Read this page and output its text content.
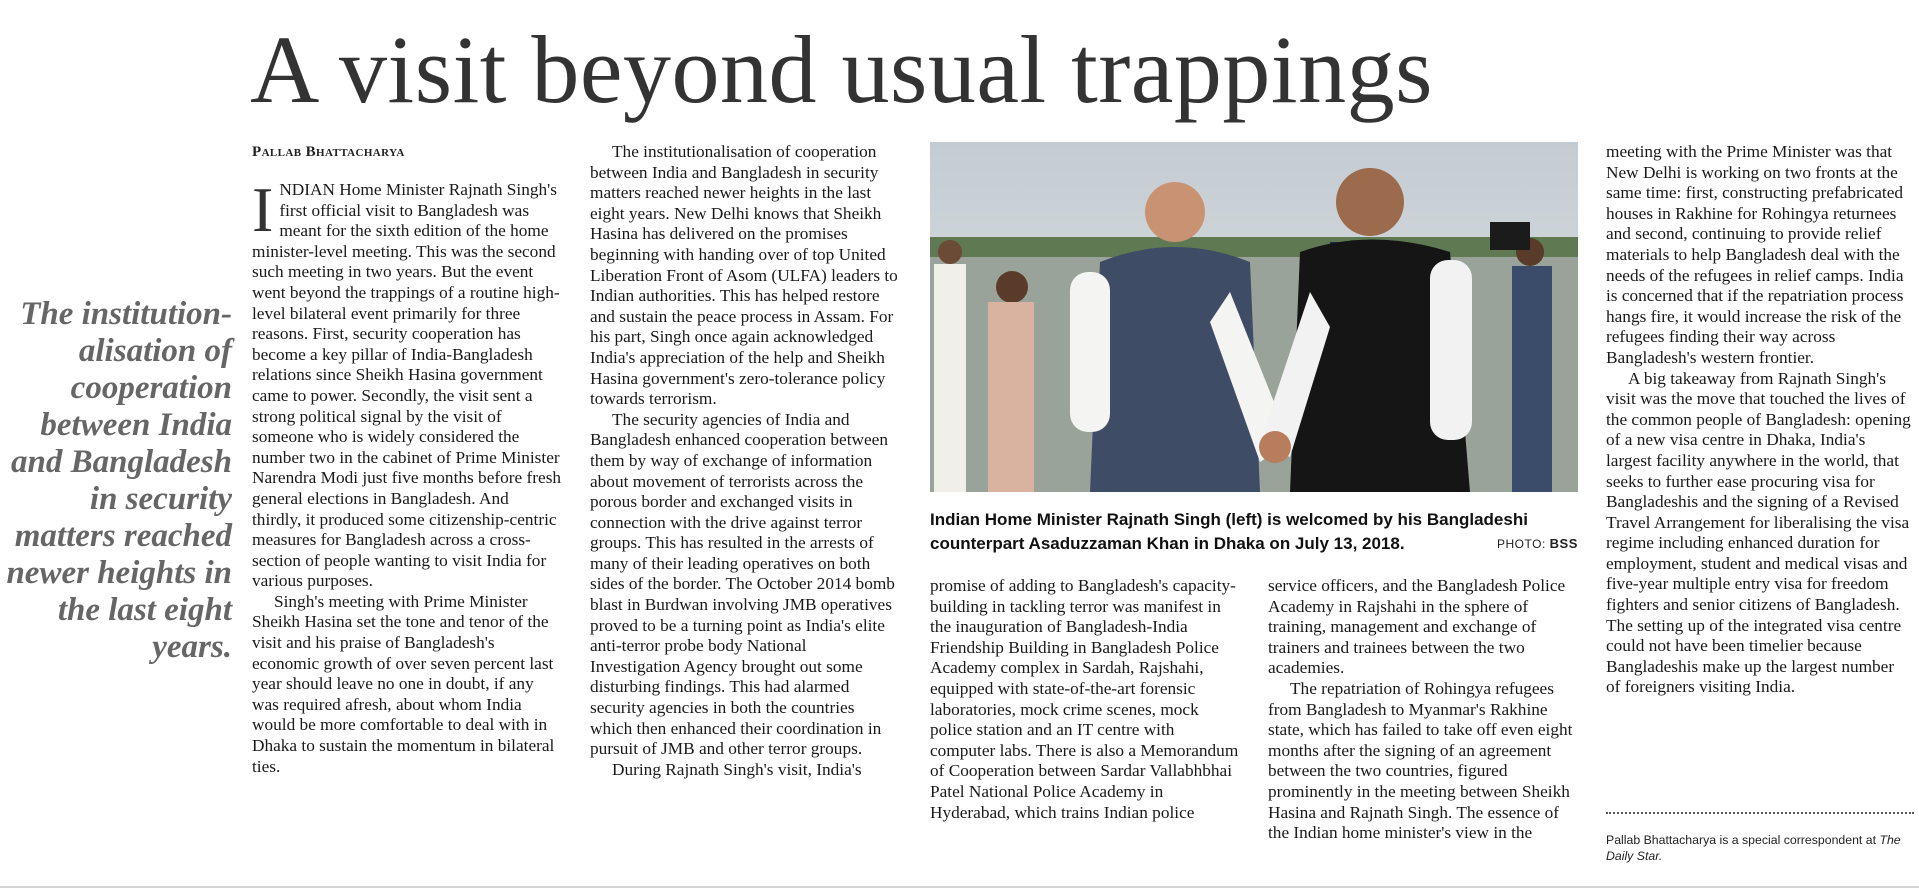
A visit beyond usual trappings
Pallab Bhattacharya
The institution-alisation of cooperation between India and Bangladesh in security matters reached newer heights in the last eight years.

INDIAN Home Minister Rajnath Singh's first official visit to Bangladesh was meant for the sixth edition of the home minister-level meeting. This was the second such meeting in two years. But the event went beyond the trappings of a routine high-level bilateral event primarily for three reasons. First, security cooperation has become a key pillar of India-Bangladesh relations since Sheikh Hasina government came to power. Secondly, the visit sent a strong political signal by the visit of someone who is widely considered the number two in the cabinet of Prime Minister Narendra Modi just five months before fresh general elections in Bangladesh. And thirdly, it produced some citizenship-centric measures for Bangladesh across a cross-section of people wanting to visit India for various purposes.

Singh's meeting with Prime Minister Sheikh Hasina set the tone and tenor of the visit and his praise of Bangladesh's economic growth of over seven percent last year should leave no one in doubt, if any was required afresh, about whom India would be more comfortable to deal with in Dhaka to sustain the momentum in bilateral ties.

The institutionalisation of cooperation between India and Bangladesh in security matters reached newer heights in the last eight years. New Delhi knows that Sheikh Hasina has delivered on the promises beginning with handing over of top United Liberation Front of Asom (ULFA) leaders to Indian authorities. This has helped restore and sustain the peace process in Assam. For his part, Singh once again acknowledged India's appreciation of the help and Sheikh Hasina government's zero-tolerance policy towards terrorism.

The security agencies of India and Bangladesh enhanced cooperation between them by way of exchange of information about movement of terrorists across the porous border and exchanged visits in connection with the drive against terror groups. This has resulted in the arrests of many of their leading operatives on both sides of the border. The October 2014 bomb blast in Burdwan involving JMB operatives proved to be a turning point as India's elite anti-terror probe body National Investigation Agency brought out some disturbing findings. This had alarmed security agencies in both the countries which then enhanced their coordination in pursuit of JMB and other terror groups.

During Rajnath Singh's visit, India's

Indian Home Minister Rajnath Singh (left) is welcomed by his Bangladeshi counterpart Asaduzzaman Khan in Dhaka on July 13, 2018.	PHOTO: BSS

promise of adding to Bangladesh's capacity-building in tackling terror was manifest in the inauguration of Bangladesh-India Friendship Building in Bangladesh Police Academy complex in Sardah, Rajshahi, equipped with state-of-the-art forensic laboratories, mock crime scenes, mock police station and an IT centre with computer labs. There is also a Memorandum of Cooperation between Sardar Vallabhbhai Patel National Police Academy in Hyderabad, which trains Indian police

service officers, and the Bangladesh Police Academy in Rajshahi in the sphere of training, management and exchange of trainers and trainees between the two academies.

The repatriation of Rohingya refugees from Bangladesh to Myanmar's Rakhine state, which has failed to take off even eight months after the signing of an agreement between the two countries, figured prominently in the meeting between Sheikh Hasina and Rajnath Singh. The essence of the Indian home minister's view in the

meeting with the Prime Minister was that New Delhi is working on two fronts at the same time: first, constructing prefabricated houses in Rakhine for Rohingya returnees and second, continuing to provide relief materials to help Bangladesh deal with the needs of the refugees in relief camps. India is concerned that if the repatriation process hangs fire, it would increase the risk of the refugees finding their way across Bangladesh's western frontier.

A big takeaway from Rajnath Singh's visit was the move that touched the lives of the common people of Bangladesh: opening of a new visa centre in Dhaka, India's largest facility anywhere in the world, that seeks to further ease procuring visa for Bangladeshis and the signing of a Revised Travel Arrangement for liberalising the visa regime including enhanced duration for employment, student and medical visas and five-year multiple entry visa for freedom fighters and senior citizens of Bangladesh. The setting up of the integrated visa centre could not have been timelier because Bangladeshis make up the largest number of foreigners visiting India.

Pallab Bhattacharya is a special correspondent at The Daily Star.
